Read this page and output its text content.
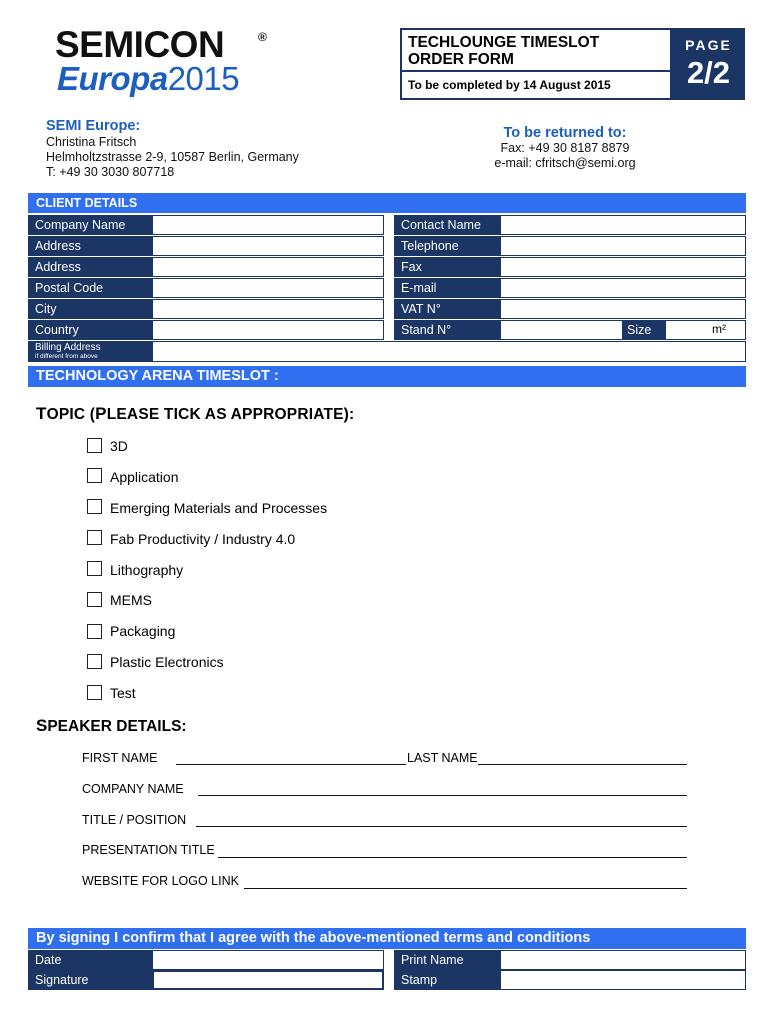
SEMICON	®
Europa2015
TECHLOUNGE TIMESLOT
ORDER FORM
To be completed by 14 August 2015
PAGE
2/2
SEMI Europe:
Christina Fritsch
Helmholtzstrasse 2-9, 10587 Berlin, Germany
T: +49 30 3030 807718
To be returned to:
Fax: +49 30 8187 8879
e-mail: cfritsch@semi.org
CLIENT DETAILS
Company Name	Contact Name
Address	Telephone
Address	Fax
Postal Code	E-mail
City	VAT N°
Country	Stand N°	Size	m²
Billing Address
if different from above
TECHNOLOGY ARENA TIMESLOT :
TOPIC (PLEASE TICK AS APPROPRIATE):
3D
Application
Emerging Materials and Processes
Fab Productivity / Industry 4.0
Lithography
MEMS
Packaging
Plastic Electronics
Test
SPEAKER DETAILS:
FIRST NAME	LAST NAME
COMPANY NAME
TITLE / POSITION
PRESENTATION TITLE
WEBSITE FOR LOGO LINK
By signing I confirm that I agree with the above-mentioned terms and conditions
Date	Print Name
Signature	Stamp
